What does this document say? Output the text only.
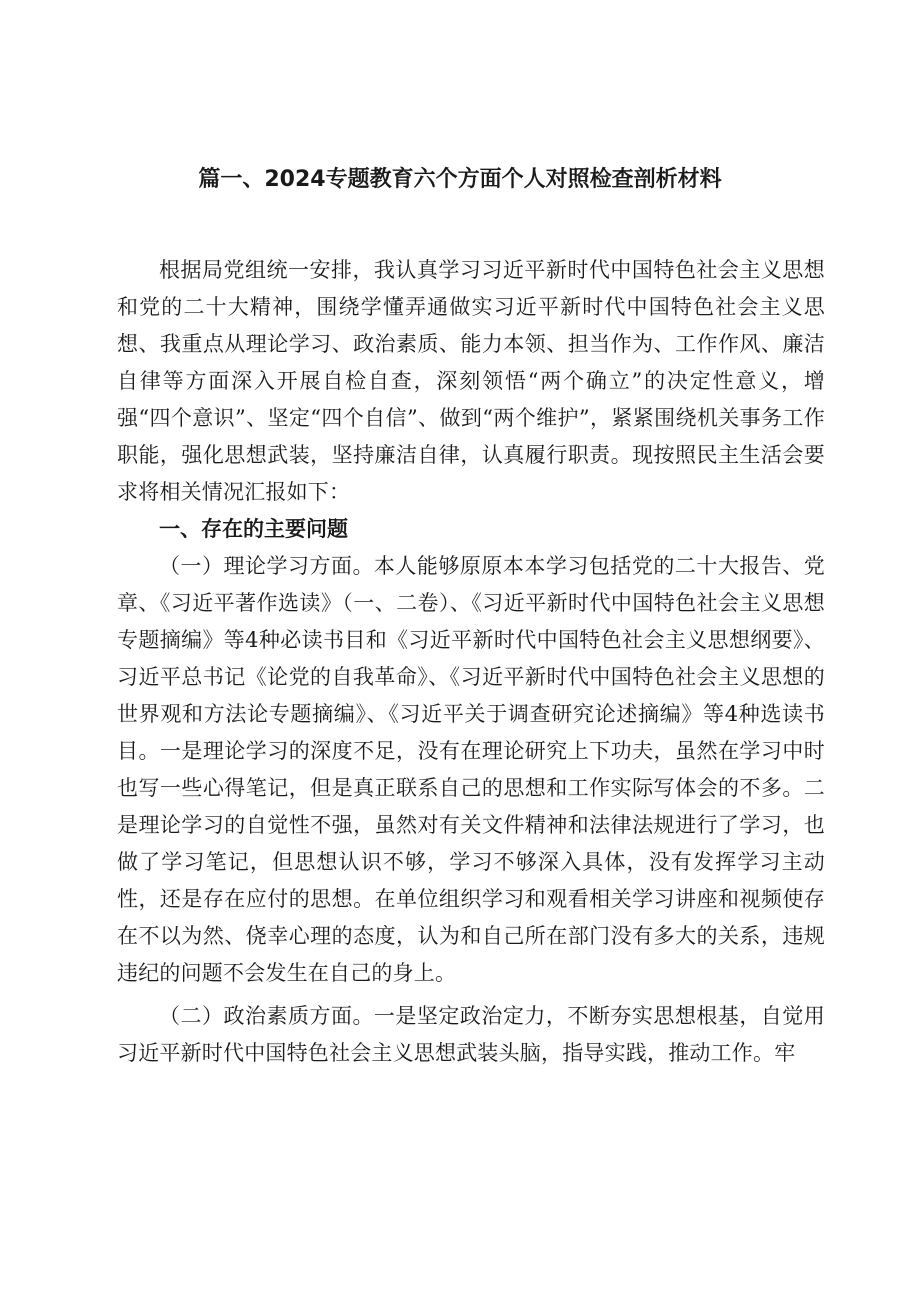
篇一、2024专题教育六个方面个人对照检查剖析材料

根据局党组统一安排，我认真学习习近平新时代中国特色社会主义思想和党的二十大精神，围绕学懂弄通做实习近平新时代中国特色社会主义思想、我重点从理论学习、政治素质、能力本领、担当作为、工作作风、廉洁自律等方面深入开展自检自查，深刻领悟“两个确立”的决定性意义，增强“四个意识”、坚定“四个自信”、做到“两个维护”，紧紧围绕机关事务工作职能，强化思想武装，坚持廉洁自律，认真履行职责。现按照民主生活会要求将相关情况汇报如下：

一、存在的主要问题

（一）理论学习方面。本人能够原原本本学习包括党的二十大报告、党章、《习近平著作选读》（一、二卷）、《习近平新时代中国特色社会主义思想专题摘编》等4种必读书目和《习近平新时代中国特色社会主义思想纲要》、习近平总书记《论党的自我革命》、《习近平新时代中国特色社会主义思想的世界观和方法论专题摘编》、《习近平关于调查研究论述摘编》等4种选读书目。一是理论学习的深度不足，没有在理论研究上下功夫，虽然在学习中时也写一些心得笔记，但是真正联系自己的思想和工作实际写体会的不多。二是理论学习的自觉性不强，虽然对有关文件精神和法律法规进行了学习，也做了学习笔记，但思想认识不够，学习不够深入具体，没有发挥学习主动性，还是存在应付的思想。在单位组织学习和观看相关学习讲座和视频使存在不以为然、侥幸心理的态度，认为和自己所在部门没有多大的关系，违规违纪的问题不会发生在自己的身上。

（二）政治素质方面。一是坚定政治定力，不断夯实思想根基，自觉用习近平新时代中国特色社会主义思想武装头脑，指导实践，推动工作。牢
